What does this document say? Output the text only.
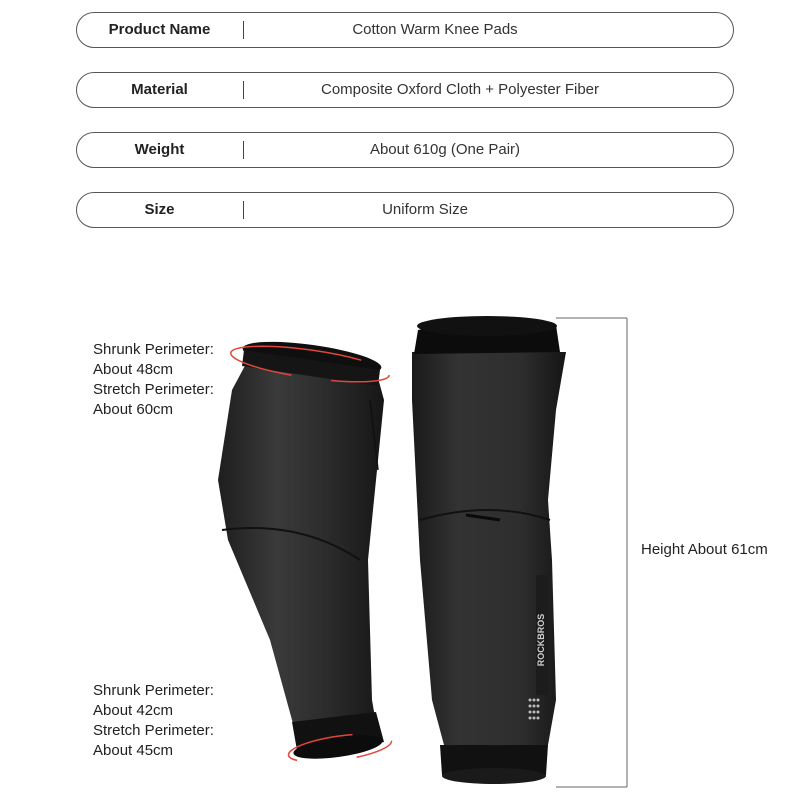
Product Name	Cotton Warm Knee Pads
Material	Composite Oxford Cloth + Polyester Fiber
Weight	About 610g (One Pair)
Size	Uniform Size
ROCKBROS
Shrunk Perimeter:
About 48cm
Stretch Perimeter:
About 60cm
Shrunk Perimeter:
About 42cm
Stretch Perimeter:
About 45cm
Height About 61cm
